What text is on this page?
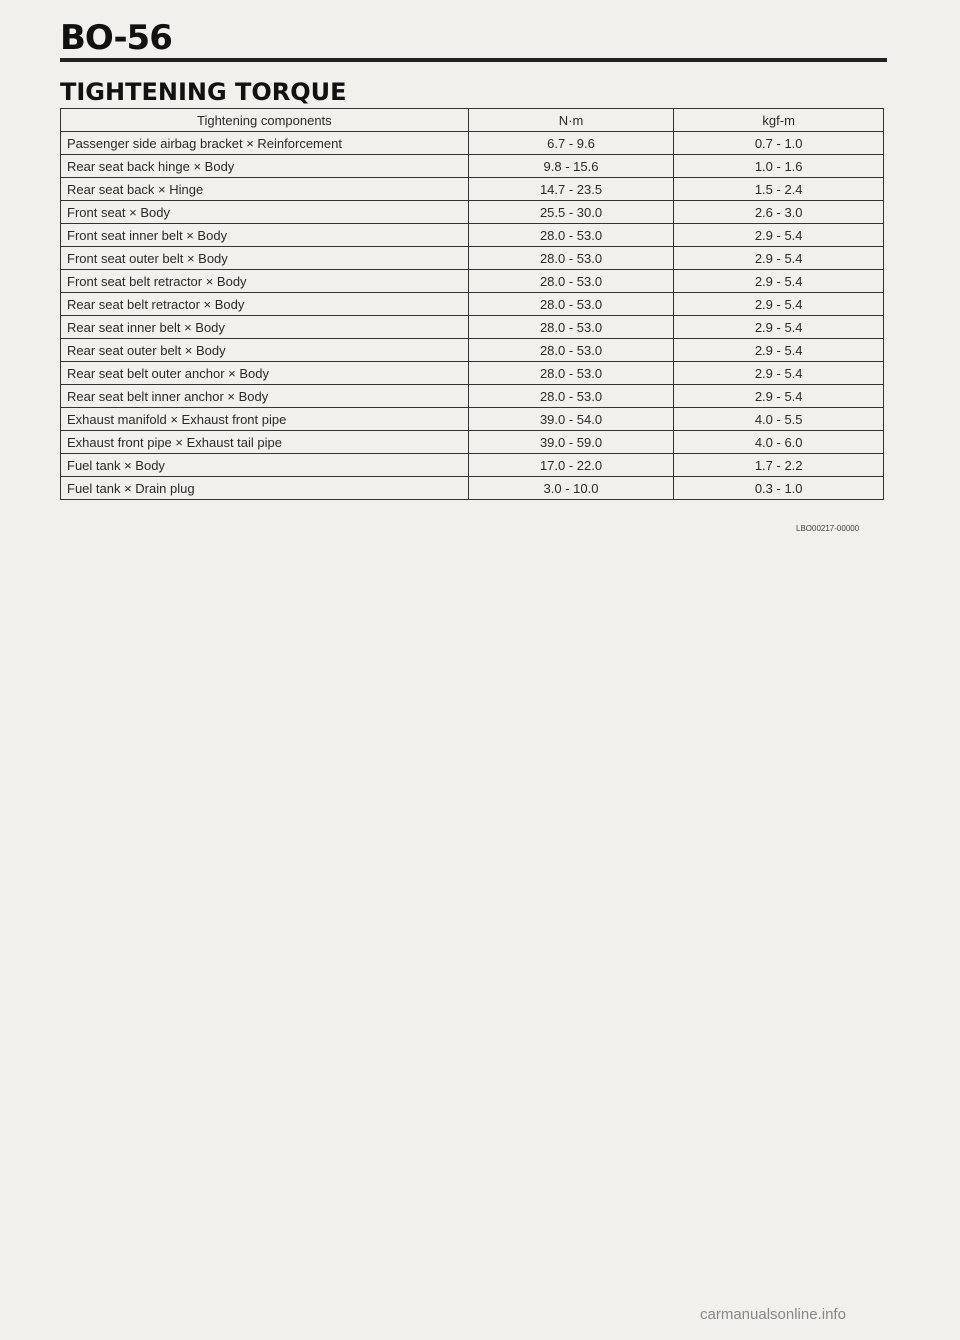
BO-56
TIGHTENING TORQUE
Tightening components	N·m	kgf-m
Passenger side airbag bracket × Reinforcement	6.7 - 9.6	0.7 - 1.0
Rear seat back hinge × Body	9.8 - 15.6	1.0 - 1.6
Rear seat back × Hinge	14.7 - 23.5	1.5 - 2.4
Front seat × Body	25.5 - 30.0	2.6 - 3.0
Front seat inner belt × Body	28.0 - 53.0	2.9 - 5.4
Front seat outer belt × Body	28.0 - 53.0	2.9 - 5.4
Front seat belt retractor × Body	28.0 - 53.0	2.9 - 5.4
Rear seat belt retractor × Body	28.0 - 53.0	2.9 - 5.4
Rear seat inner belt × Body	28.0 - 53.0	2.9 - 5.4
Rear seat outer belt × Body	28.0 - 53.0	2.9 - 5.4
Rear seat belt outer anchor × Body	28.0 - 53.0	2.9 - 5.4
Rear seat belt inner anchor × Body	28.0 - 53.0	2.9 - 5.4
Exhaust manifold × Exhaust front pipe	39.0 - 54.0	4.0 - 5.5
Exhaust front pipe × Exhaust tail pipe	39.0 - 59.0	4.0 - 6.0
Fuel tank × Body	17.0 - 22.0	1.7 - 2.2
Fuel tank × Drain plug	3.0 - 10.0	0.3 - 1.0
LBO00217-00000
carmanualsonline.info
